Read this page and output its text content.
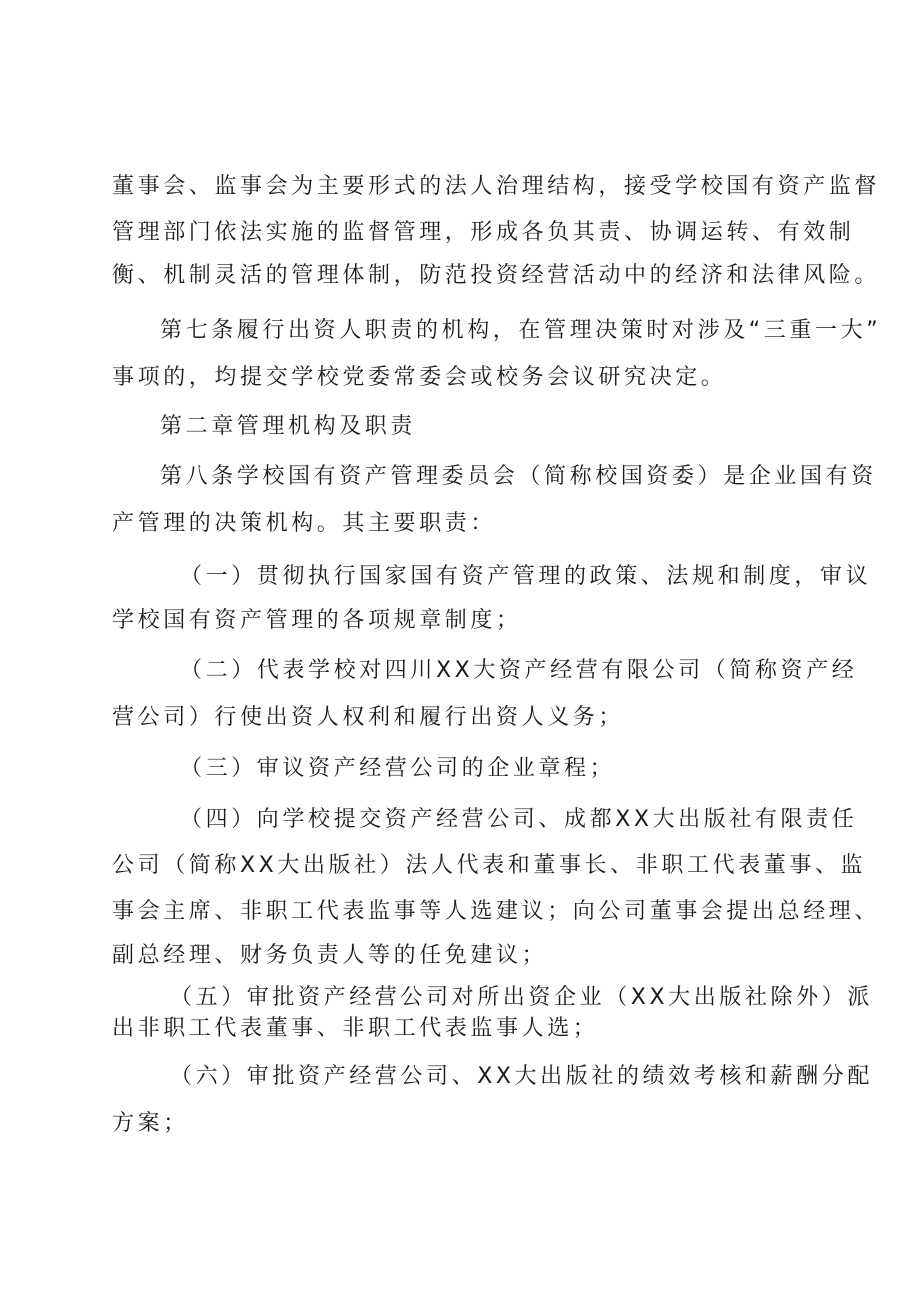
董事会、监事会为主要形式的法人治理结构，接受学校国有资产监督
管理部门依法实施的监督管理，形成各负其责、协调运转、有效制
衡、机制灵活的管理体制，防范投资经营活动中的经济和法律风险。
第七条履行出资人职责的机构，在管理决策时对涉及“三重一大”
事项的，均提交学校党委常委会或校务会议研究决定。
第二章管理机构及职责
第八条学校国有资产管理委员会（简称校国资委）是企业国有资
产管理的决策机构。其主要职责：
（一）贯彻执行国家国有资产管理的政策、法规和制度，审议
学校国有资产管理的各项规章制度；
（二）代表学校对四川XX大资产经营有限公司（简称资产经
营公司）行使出资人权利和履行出资人义务；
（三）审议资产经营公司的企业章程；
（四）向学校提交资产经营公司、成都XX大出版社有限责任
公司（简称XX大出版社）法人代表和董事长、非职工代表董事、监
事会主席、非职工代表监事等人选建议；向公司董事会提出总经理、
副总经理、财务负责人等的任免建议；
（五）审批资产经营公司对所出资企业（XX大出版社除外）派
出非职工代表董事、非职工代表监事人选；
（六）审批资产经营公司、XX大出版社的绩效考核和薪酬分配
方案；
